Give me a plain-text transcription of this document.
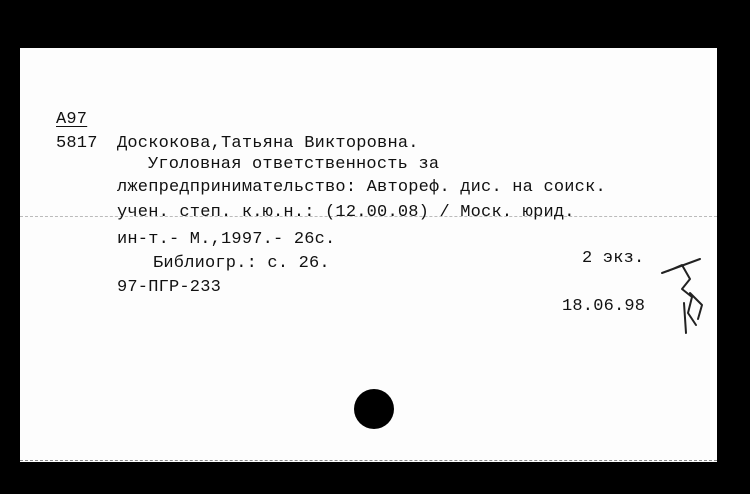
А97
5817 Доскокова,Татьяна Викторовна.
Уголовная ответственность за
лжепредпринимательство: Автореф. дис. на соиск.
учен. степ. к.ю.н.: (12.00.08) / Моск. юрид.
ин-т.- М.,1997.- 26с.
Библиогр.: с. 26.	2 экз.
97-ПГР-233
18.06.98
